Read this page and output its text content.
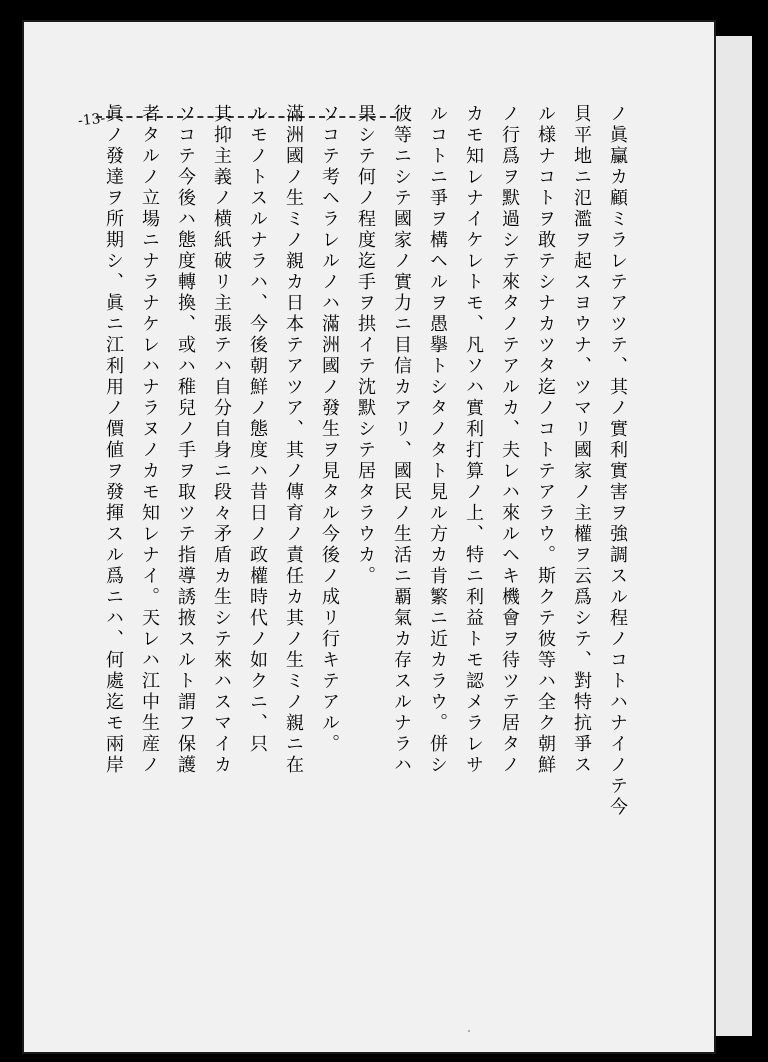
-13-	ノ眞臝カ顧ミラレテアツテ、其ノ實利實害ヲ強調スル程ノコトハナイノテ今
貝平地ニ氾濫ヲ起スヨウナ、ツマリ國家ノ主權ヲ云爲シテ、對特抗爭ス
ル様ナコトヲ敢テシナカツタ迄ノコトテアラウ。斯クテ彼等ハ全ク朝鮮
ノ行爲ヲ默過シテ來タノテアルカ、夫レハ來ルヘキ機會ヲ待ツテ居タノ
カモ知レナイケレトモ、凡ソハ實利打算ノ上、特ニ利益トモ認メラレサ
ルコトニ爭ヲ構ヘルヲ愚擧トシタノタト見ル方カ肯繁ニ近カラウ。併シ
彼等ニシテ國家ノ實力ニ目信カアリ、國民ノ生活ニ覇氣カ存スルナラハ
果シテ何ノ程度迄手ヲ拱イテ沈默シテ居タラウカ。
ソコテ考ヘラレルノハ滿洲國ノ發生ヲ見タル今後ノ成リ行キテアル。
滿洲國ノ生ミノ親カ日本テアツア、其ノ傳育ノ責任カ其ノ生ミノ親ニ在
ルモノトスルナラハ、今後朝鮮ノ態度ハ昔日ノ政權時代ノ如クニ、只
其抑主義ノ横紙破リ主張テハ自分自身ニ段々矛盾カ生シテ來ハスマイカ
ソコテ今後ハ態度轉換、或ハ稚兒ノ手ヲ取ツテ指導誘掖スルト謂フ保護
者タルノ立場ニナラナケレハナラヌノカモ知レナイ。天レハ江中生産ノ
眞ノ發達ヲ所期シ、眞ニ江利用ノ價値ヲ發揮スル爲ニハ、何處迄モ兩岸
